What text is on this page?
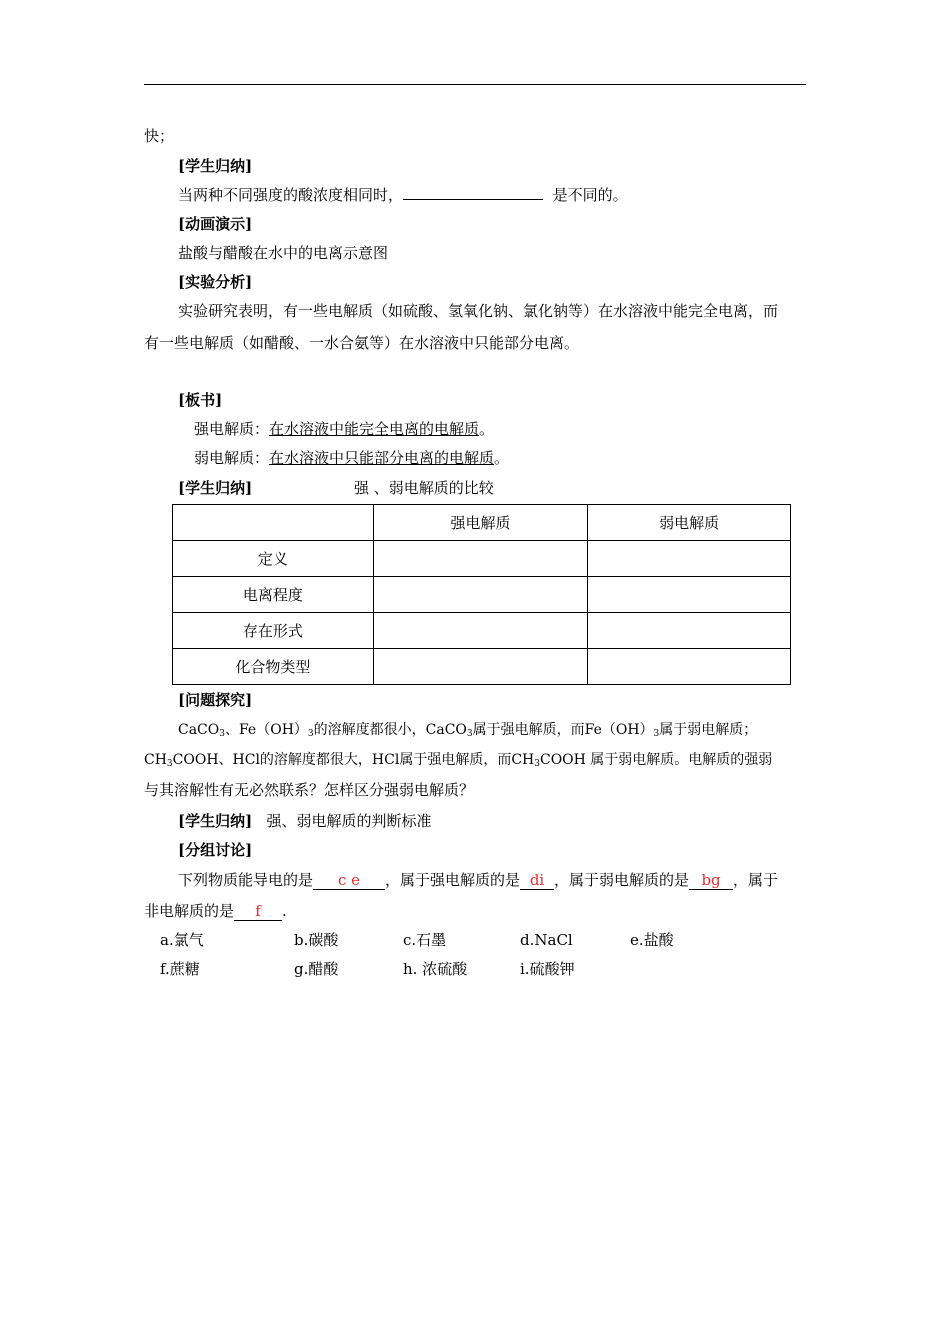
快；
[学生归纳]
当两种不同强度的酸浓度相同时，	是不同的。
[动画演示]
盐酸与醋酸在水中的电离示意图
[实验分析]
实验研究表明，有一些电解质（如硫酸、氢氧化钠、氯化钠等）在水溶液中能完全电离，而
有一些电解质（如醋酸、一水合氨等）在水溶液中只能部分电离。
[板书]
强电解质：在水溶液中能完全电离的电解质。
弱电解质：在水溶液中只能部分电离的电解质。
[学生归纳]	强 、弱电解质的比较
	强电解质	弱电解质
定义		
电离程度		
存在形式		
化合物类型		
[问题探究]
CaCO$_3$、$Fe(OH)_3$的溶解度都很小，CaCO$_3$属于强电解质，而$Fe(OH)_3$属于弱电解质；
$CH_3COOH$、HCl的溶解度都很大，HCl属于强电解质，而$CH_3COOH$ 属于弱电解质。电解质的强弱
与其溶解性有无必然联系？怎样区分强弱电解质？
[学生归纳] 强、弱电解质的判断标准
[分组讨论]
下列物质能导电的是 c e ，属于强电解质的是 di ，属于弱电解质的是 bg ，属于
非电解质的是 f .
a.氯气	b.碳酸	c.石墨	d.NaCl	e.盐酸
f.蔗糖	g.醋酸	h. 浓硫酸	i.硫酸钾
